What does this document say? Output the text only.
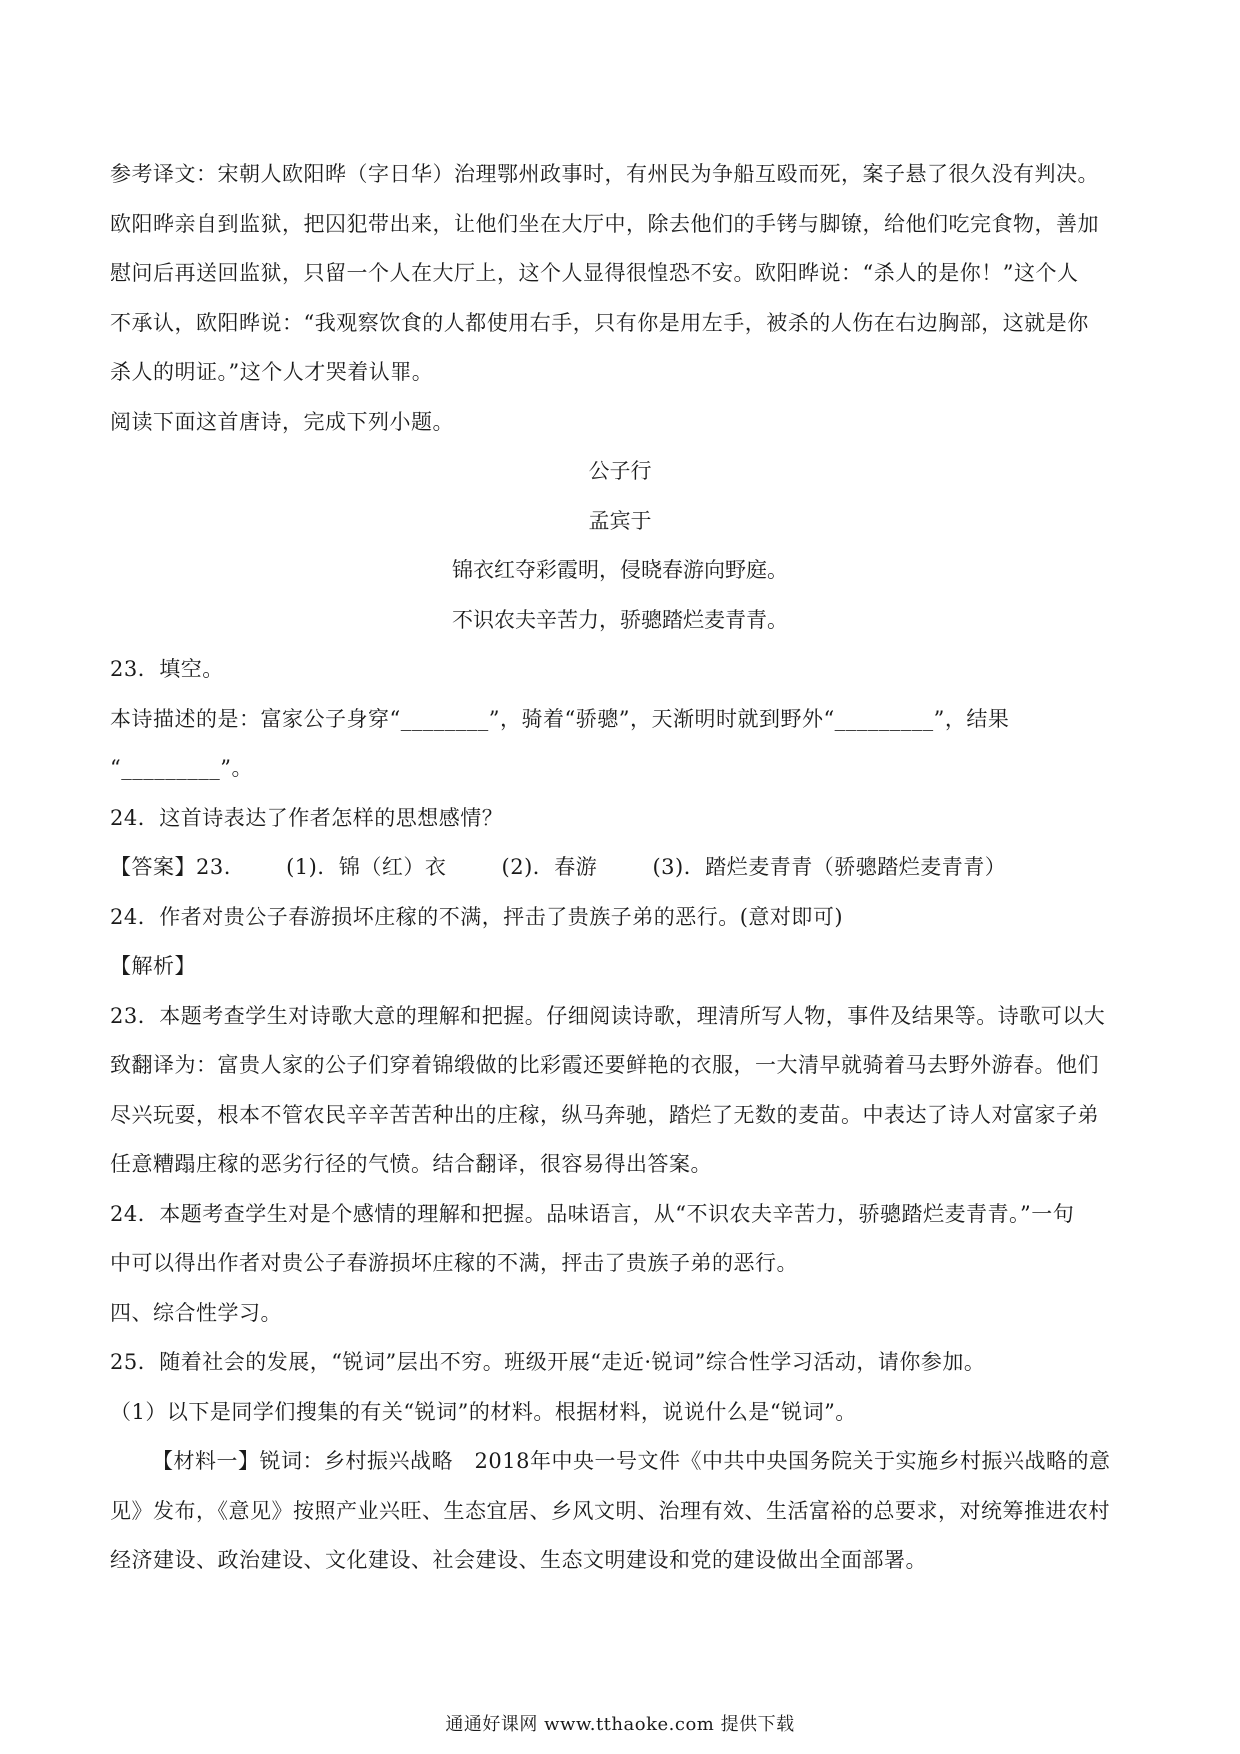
参考译文：宋朝人欧阳晔（字日华）治理鄂州政事时，有州民为争船互殴而死，案子悬了很久没有判决。

欧阳晔亲自到监狱，把囚犯带出来，让他们坐在大厅中，除去他们的手铐与脚镣，给他们吃完食物，善加

慰问后再送回监狱，只留一个人在大厅上，这个人显得很惶恐不安。欧阳晔说：“杀人的是你！”这个人

不承认，欧阳晔说：“我观察饮食的人都使用右手，只有你是用左手，被杀的人伤在右边胸部，这就是你

杀人的明证。”这个人才哭着认罪。

阅读下面这首唐诗，完成下列小题。

公子行

孟宾于

锦衣红夺彩霞明，侵晓春游向野庭。

不识农夫辛苦力，骄骢踏烂麦青青。

23．填空。

本诗描述的是：富家公子身穿“________”，骑着“骄骢”，天渐明时就到野外“_________”，结果

“_________”。

24．这首诗表达了作者怎样的思想感情？

【答案】23.	(1)．锦（红）衣	(2)．春游	(3)．踏烂麦青青（骄骢踏烂麦青青）

24．作者对贵公子春游损坏庄稼的不满，抨击了贵族子弟的恶行。(意对即可)

【解析】

23．本题考查学生对诗歌大意的理解和把握。仔细阅读诗歌，理清所写人物，事件及结果等。诗歌可以大

致翻译为：富贵人家的公子们穿着锦缎做的比彩霞还要鲜艳的衣服，一大清早就骑着马去野外游春。他们

尽兴玩耍，根本不管农民辛辛苦苦种出的庄稼，纵马奔驰，踏烂了无数的麦苗。中表达了诗人对富家子弟

任意糟蹋庄稼的恶劣行径的气愤。结合翻译，很容易得出答案。

24．本题考查学生对是个感情的理解和把握。品味语言，从“不识农夫辛苦力，骄骢踏烂麦青青。”一句

中可以得出作者对贵公子春游损坏庄稼的不满，抨击了贵族子弟的恶行。

四、综合性学习。

25．随着社会的发展，“锐词”层出不穷。班级开展“走近·锐词”综合性学习活动，请你参加。

（1）以下是同学们搜集的有关“锐词”的材料。根据材料，说说什么是“锐词”。

【材料一】锐词：乡村振兴战略　2018年中央一号文件《中共中央国务院关于实施乡村振兴战略的意

见》发布，《意见》按照产业兴旺、生态宜居、乡风文明、治理有效、生活富裕的总要求，对统筹推进农村

经济建设、政治建设、文化建设、社会建设、生态文明建设和党的建设做出全面部署。

通通好课网 www.tthaoke.com 提供下载
